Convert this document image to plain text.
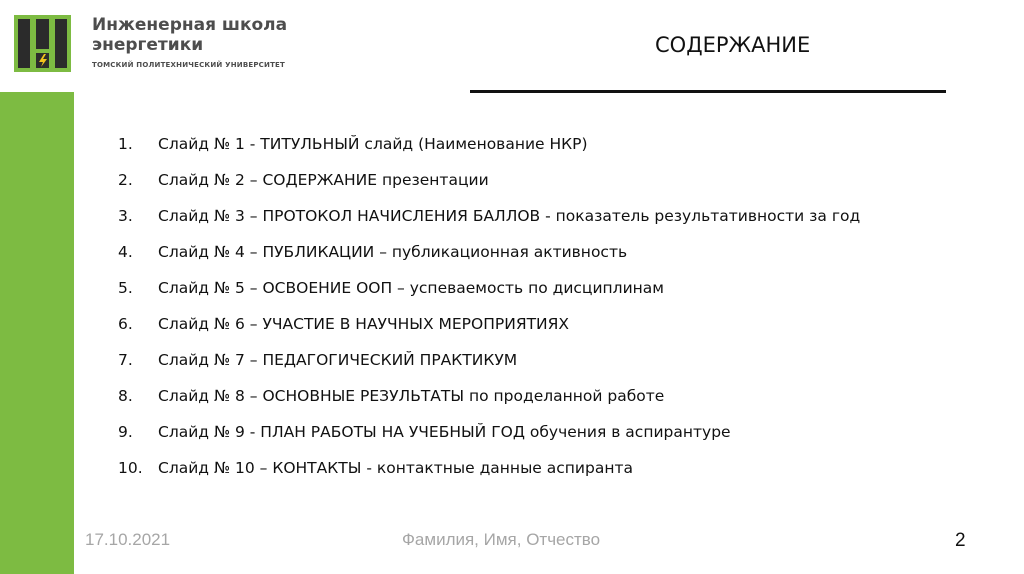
Инженерная школа
энергетики
ТОМСКИЙ ПОЛИТЕХНИЧЕСКИЙ УНИВЕРСИТЕТ
СОДЕРЖАНИЕ
1.	Слайд № 1 - ТИТУЛЬНЫЙ слайд (Наименование НКР)
2.	Слайд № 2 – СОДЕРЖАНИЕ презентации
3.	Слайд № 3 – ПРОТОКОЛ НАЧИСЛЕНИЯ БАЛЛОВ - показатель результативности за год
4.	Слайд № 4 – ПУБЛИКАЦИИ – публикационная активность
5.	Слайд № 5 – ОСВОЕНИЕ ООП – успеваемость по дисциплинам
6.	Слайд № 6 – УЧАСТИЕ В НАУЧНЫХ МЕРОПРИЯТИЯХ
7.	Слайд № 7 – ПЕДАГОГИЧЕСКИЙ ПРАКТИКУМ
8.	Слайд № 8 – ОСНОВНЫЕ РЕЗУЛЬТАТЫ по проделанной работе
9.	Слайд № 9 - ПЛАН РАБОТЫ НА УЧЕБНЫЙ ГОД обучения в аспирантуре
10. Слайд № 10 – КОНТАКТЫ - контактные данные аспиранта
17.10.2021	Фамилия, Имя, Отчество	2
